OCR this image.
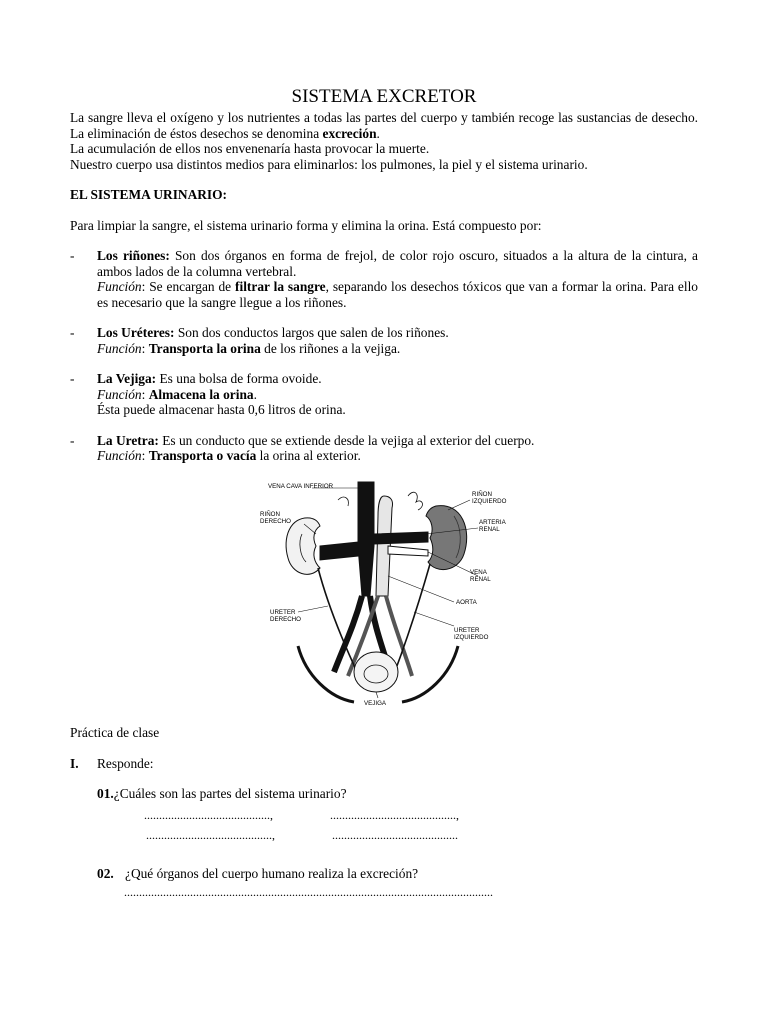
SISTEMA EXCRETOR

La sangre lleva el oxígeno y los nutrientes a todas las partes del cuerpo y también recoge las sustancias de desecho. La eliminación de éstos desechos se denomina excreción.

La acumulación de ellos nos envenenaría hasta provocar la muerte.

Nuestro cuerpo usa distintos medios para eliminarlos: los pulmones, la piel y el sistema urinario.

EL SISTEMA URINARIO:

Para limpiar la sangre, el sistema urinario forma y elimina la orina. Está compuesto por:

- Los riñones: Son dos órganos en forma de frejol, de color rojo oscuro, situados a la altura de la cintura, a ambos lados de la columna vertebral.
Función: Se encargan de filtrar la sangre, separando los desechos tóxicos que van a formar la orina. Para ello es necesario que la sangre llegue a los riñones.
- Los Uréteres: Son dos conductos largos que salen de los riñones.
Función: Transporta la orina de los riñones a la vejiga.
- La Vejiga: Es una bolsa de forma ovoide.
Función: Almacena la orina.
Ésta puede almacenar hasta 0,6 litros de orina.
- La Uretra: Es un conducto que se extiende desde la vejiga al exterior del cuerpo.
Función: Transporta o vacía la orina al exterior.
VENA CAVA INFERIOR
RIÑON
DERECHO
RIÑON
IZQUIERDO
ARTERIA
RENAL
VENA
RENAL
AORTA
URETER
DERECHO
URETER
IZQUIERDO
VEJIGA

Práctica de clase

I. Responde:
01.¿Cuáles son las partes del sistema urinario?
..........................................,	..........................................,
..........................................,	..........................................
02. ¿Qué órganos del cuerpo humano realiza la excreción?
...........................................................................................................................
